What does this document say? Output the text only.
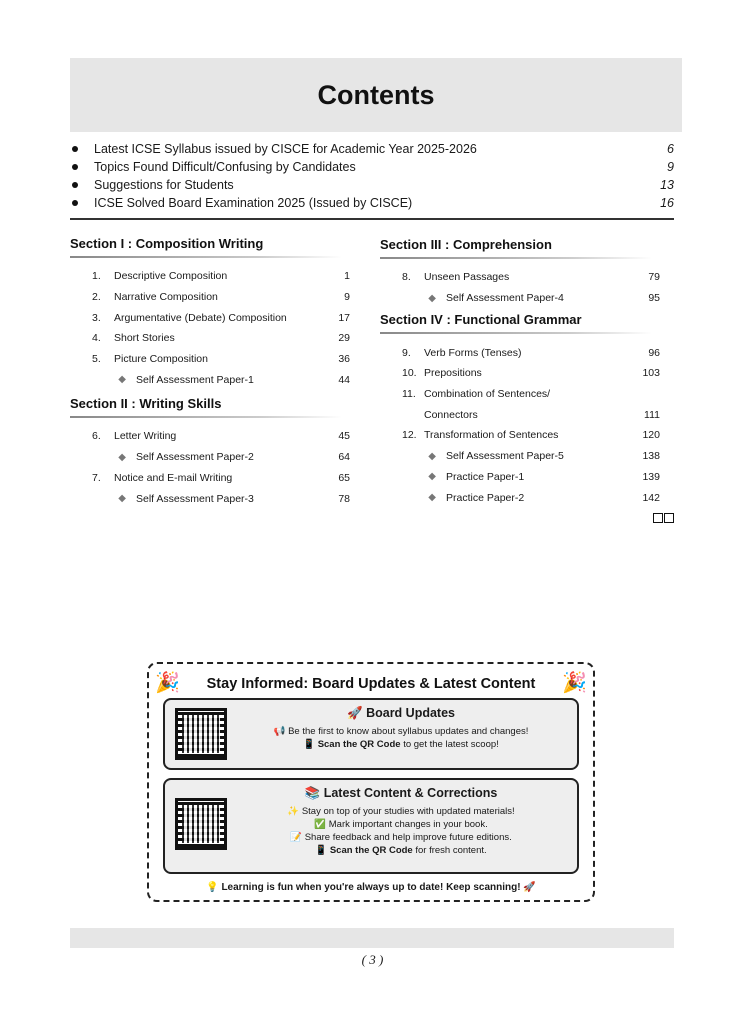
Contents
Latest ICSE Syllabus issued by CISCE for Academic Year 2025-2026	6
Topics Found Difficult/Confusing by Candidates	9
Suggestions for Students	13
ICSE Solved Board Examination 2025 (Issued by CISCE)	16
Section I : Composition Writing
1.	Descriptive Composition	1
2.	Narrative Composition	9
3.	Argumentative (Debate) Composition	17
4.	Short Stories	29
5.	Picture Composition	36
◆ Self Assessment Paper-1	44
Section II : Writing Skills
6.	Letter Writing	45
◆ Self Assessment Paper-2	64
7.	Notice and E-mail Writing	65
◆ Self Assessment Paper-3	78
Section III : Comprehension
8.	Unseen Passages	79
◆ Self Assessment Paper-4	95
Section IV : Functional Grammar
9.	Verb Forms (Tenses)	96
10. Prepositions	103
11. Combination of Sentences/
Connectors	111
12. Transformation of Sentences	120
◆ Self Assessment Paper-5	138
◆ Practice Paper-1	139
◆ Practice Paper-2	142
🎉	🎉
Stay Informed: Board Updates & Latest Content
🚀 Board Updates
📢 Be the first to know about syllabus updates and changes!
📱 Scan the QR Code to get the latest scoop!
📚 Latest Content & Corrections
✨ Stay on top of your studies with updated materials!
✅ Mark important changes in your book.
📝 Share feedback and help improve future editions.
📱 Scan the QR Code for fresh content.
💡 Learning is fun when you're always up to date! Keep scanning! 🚀
( 3 )
